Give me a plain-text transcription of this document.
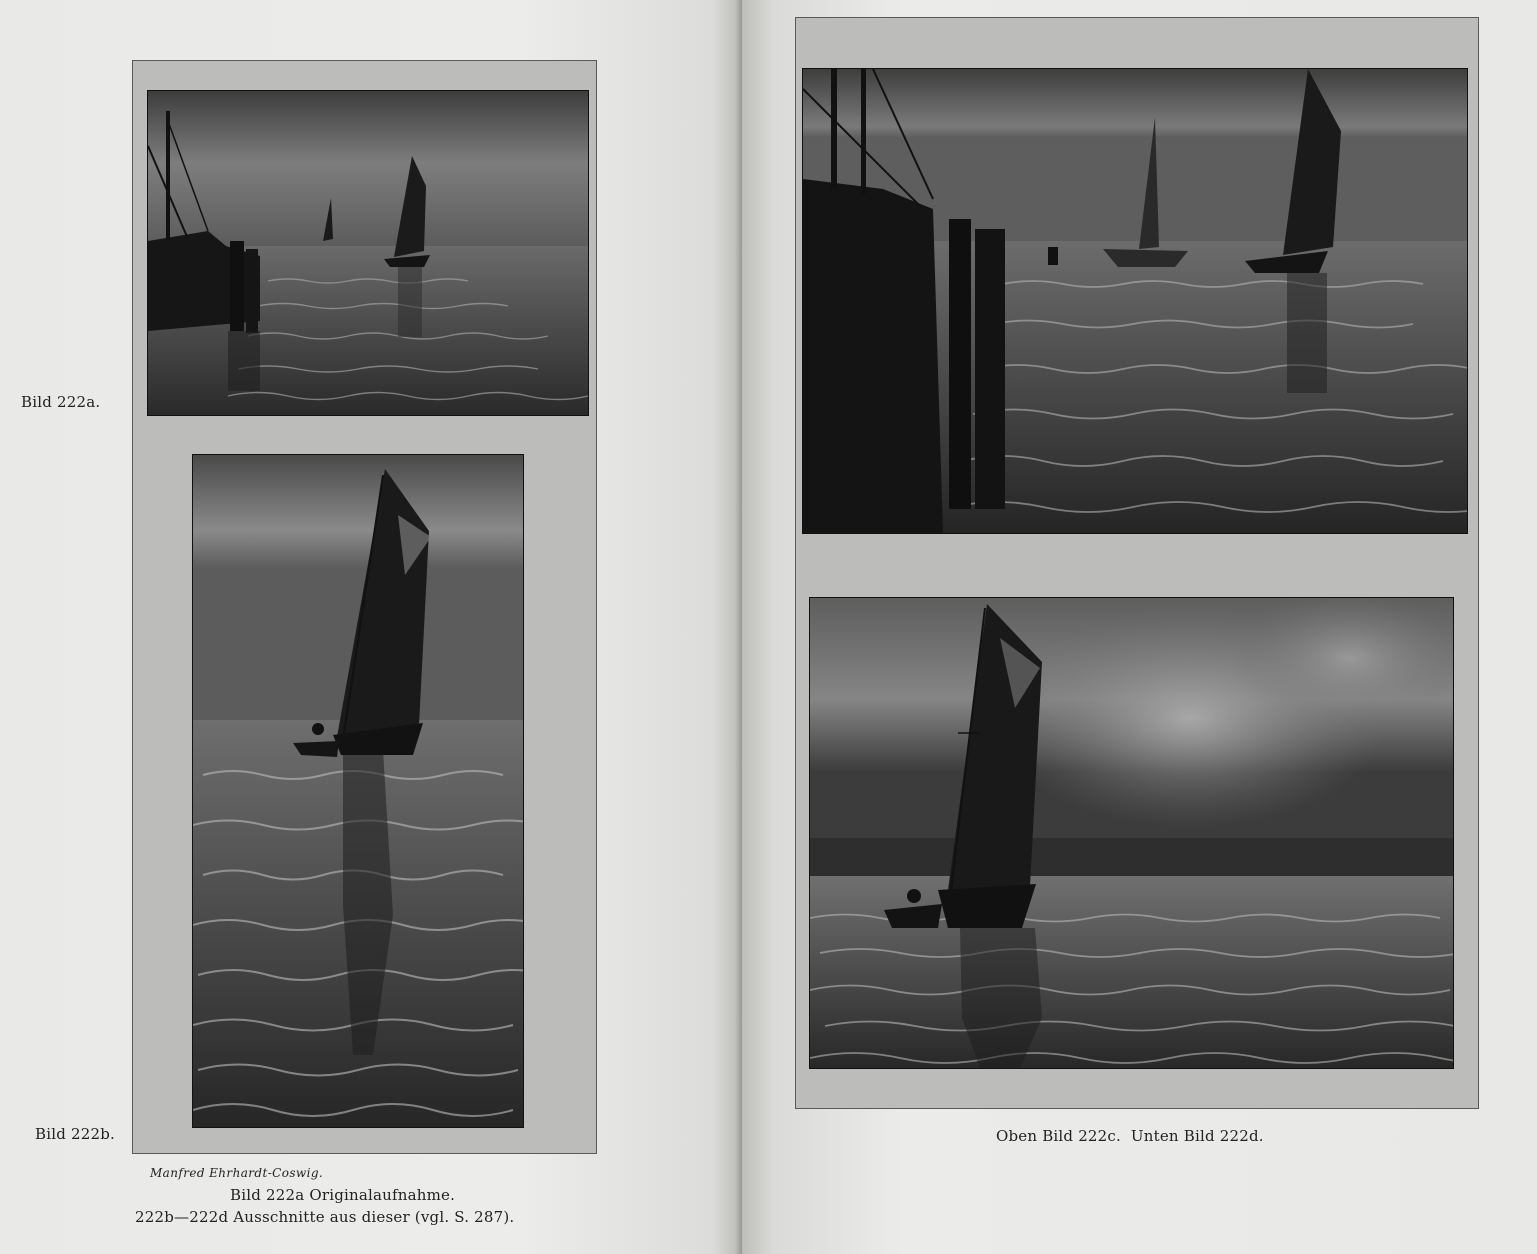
Bild 222a.
Bild 222b.
Manfred Ehrhardt-Coswig.
Bild 222a Originalaufnahme.
222b—222d Ausschnitte aus dieser (vgl. S. 287).
Oben Bild 222c.  Unten Bild 222d.
